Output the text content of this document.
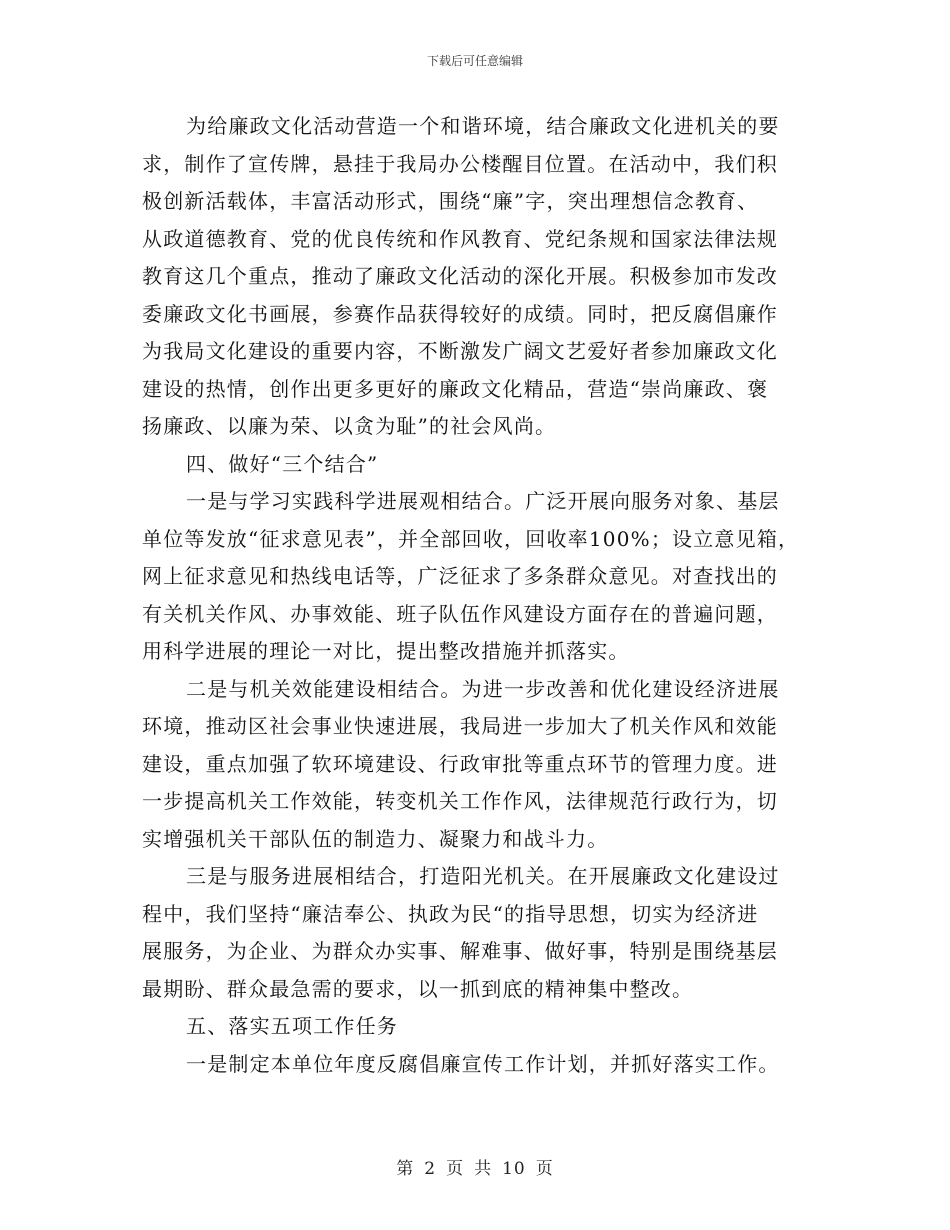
下载后可任意编辑
为给廉政文化活动营造一个和谐环境，结合廉政文化进机关的要
求，制作了宣传牌，悬挂于我局办公楼醒目位置。在活动中，我们积
极创新活载体，丰富活动形式，围绕“廉”字，突出理想信念教育、
从政道德教育、党的优良传统和作风教育、党纪条规和国家法律法规
教育这几个重点，推动了廉政文化活动的深化开展。积极参加市发改
委廉政文化书画展，参赛作品获得较好的成绩。同时，把反腐倡廉作
为我局文化建设的重要内容，不断激发广阔文艺爱好者参加廉政文化
建设的热情，创作出更多更好的廉政文化精品，营造“崇尚廉政、褒
扬廉政、以廉为荣、以贪为耻”的社会风尚。
四、做好“三个结合”
一是与学习实践科学进展观相结合。广泛开展向服务对象、基层
单位等发放“征求意见表”，并全部回收，回收率100%；设立意见箱，
网上征求意见和热线电话等，广泛征求了多条群众意见。对查找出的
有关机关作风、办事效能、班子队伍作风建设方面存在的普遍问题，
用科学进展的理论一对比，提出整改措施并抓落实。
二是与机关效能建设相结合。为进一步改善和优化建设经济进展
环境，推动区社会事业快速进展，我局进一步加大了机关作风和效能
建设，重点加强了软环境建设、行政审批等重点环节的管理力度。进
一步提高机关工作效能，转变机关工作作风，法律规范行政行为，切
实增强机关干部队伍的制造力、凝聚力和战斗力。
三是与服务进展相结合，打造阳光机关。在开展廉政文化建设过
程中，我们坚持“廉洁奉公、执政为民“的指导思想，切实为经济进
展服务，为企业、为群众办实事、解难事、做好事，特别是围绕基层
最期盼、群众最急需的要求，以一抓到底的精神集中整改。
五、落实五项工作任务
一是制定本单位年度反腐倡廉宣传工作计划，并抓好落实工作。
第 2 页 共 10 页
